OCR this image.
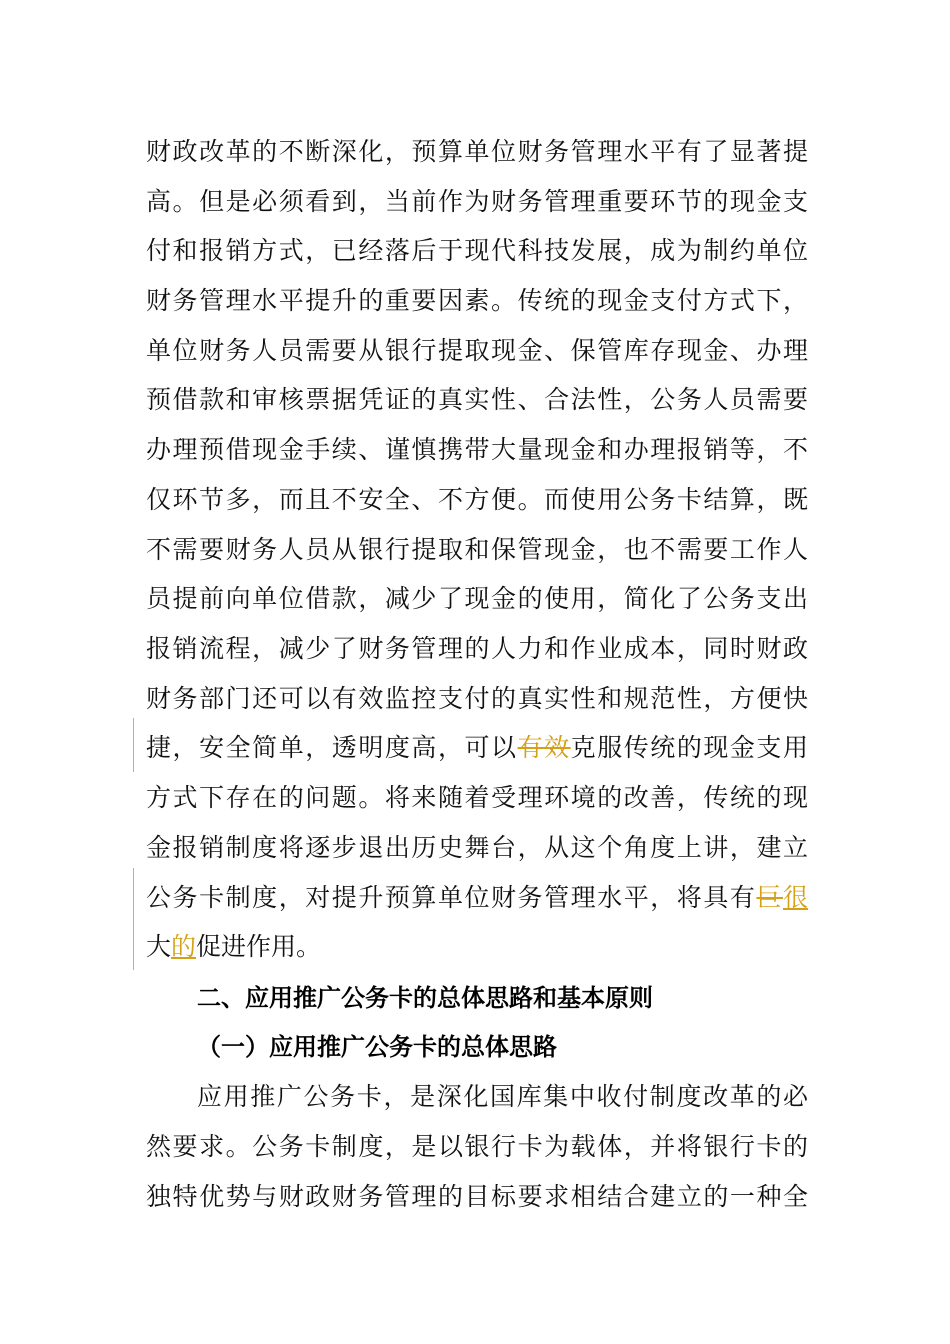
财政改革的不断深化，预算单位财务管理水平有了显著提
高。但是必须看到，当前作为财务管理重要环节的现金支
付和报销方式，已经落后于现代科技发展，成为制约单位
财务管理水平提升的重要因素。传统的现金支付方式下，
单位财务人员需要从银行提取现金、保管库存现金、办理
预借款和审核票据凭证的真实性、合法性，公务人员需要
办理预借现金手续、谨慎携带大量现金和办理报销等，不
仅环节多，而且不安全、不方便。而使用公务卡结算，既
不需要财务人员从银行提取和保管现金，也不需要工作人
员提前向单位借款，减少了现金的使用，简化了公务支出
报销流程，减少了财务管理的人力和作业成本，同时财政
财务部门还可以有效监控支付的真实性和规范性，方便快
捷，安全简单，透明度高，可以有效克服传统的现金支用
方式下存在的问题。将来随着受理环境的改善，传统的现
金报销制度将逐步退出历史舞台，从这个角度上讲，建立
公务卡制度，对提升预算单位财务管理水平，将具有巨很
大的促进作用。
二、应用推广公务卡的总体思路和基本原则
（一）应用推广公务卡的总体思路
应用推广公务卡，是深化国库集中收付制度改革的必
然要求。公务卡制度，是以银行卡为载体，并将银行卡的
独特优势与财政财务管理的目标要求相结合建立的一种全
